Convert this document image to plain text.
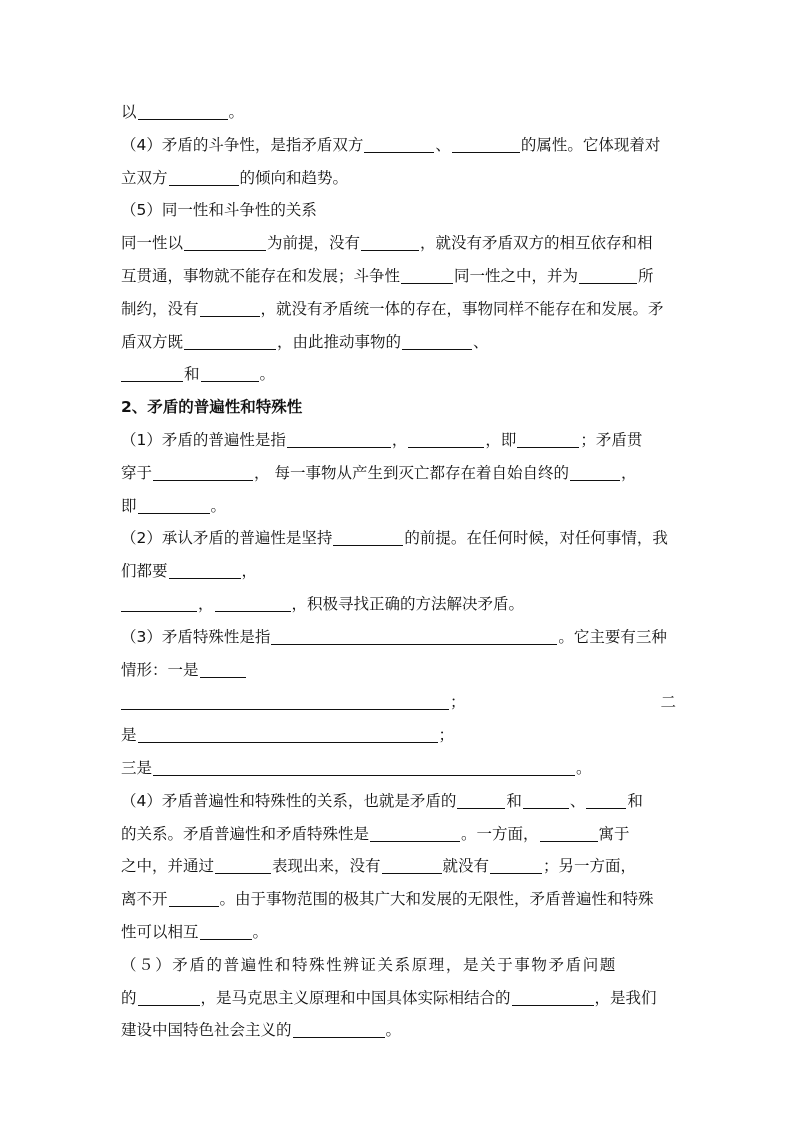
以	。
（4）矛盾的斗争性，是指矛盾双方	、	的属性。它体现着对
立双方	的倾向和趋势。
（5）同一性和斗争性的关系
同一性以	为前提，没有	，就没有矛盾双方的相互依存和相
互贯通，事物就不能存在和发展；斗争性	同一性之中，并为	所
制约，没有	，就没有矛盾统一体的存在，事物同样不能存在和发展。矛
盾双方既	，由此推动事物的	、
和	。
2、矛盾的普遍性和特殊性
（1）矛盾的普遍性是指	，	，即	；矛盾贯
穿于	， 每一事物从产生到灭亡都存在着自始自终的	，
即	。
（2）承认矛盾的普遍性是坚持	的前提。在任何时候，对任何事情，我
们都要	，
，	，积极寻找正确的方法解决矛盾。
（3）矛盾特殊性是指	。它主要有三种
情形：一是
；	二
是	；
三是	。
（4）矛盾普遍性和特殊性的关系，也就是矛盾的	和	、	和
的关系。矛盾普遍性和矛盾特殊性是	。一方面，	寓于
之中，并通过	表现出来，没有	就没有	；另一方面，
离不开	。由于事物范围的极其广大和发展的无限性，矛盾普遍性和特殊
性可以相互	。
（５）矛盾的普遍性和特殊性辨证关系原理，是关于事物矛盾问题
的	，是马克思主义原理和中国具体实际相结合的	，是我们
建设中国特色社会主义的	。
